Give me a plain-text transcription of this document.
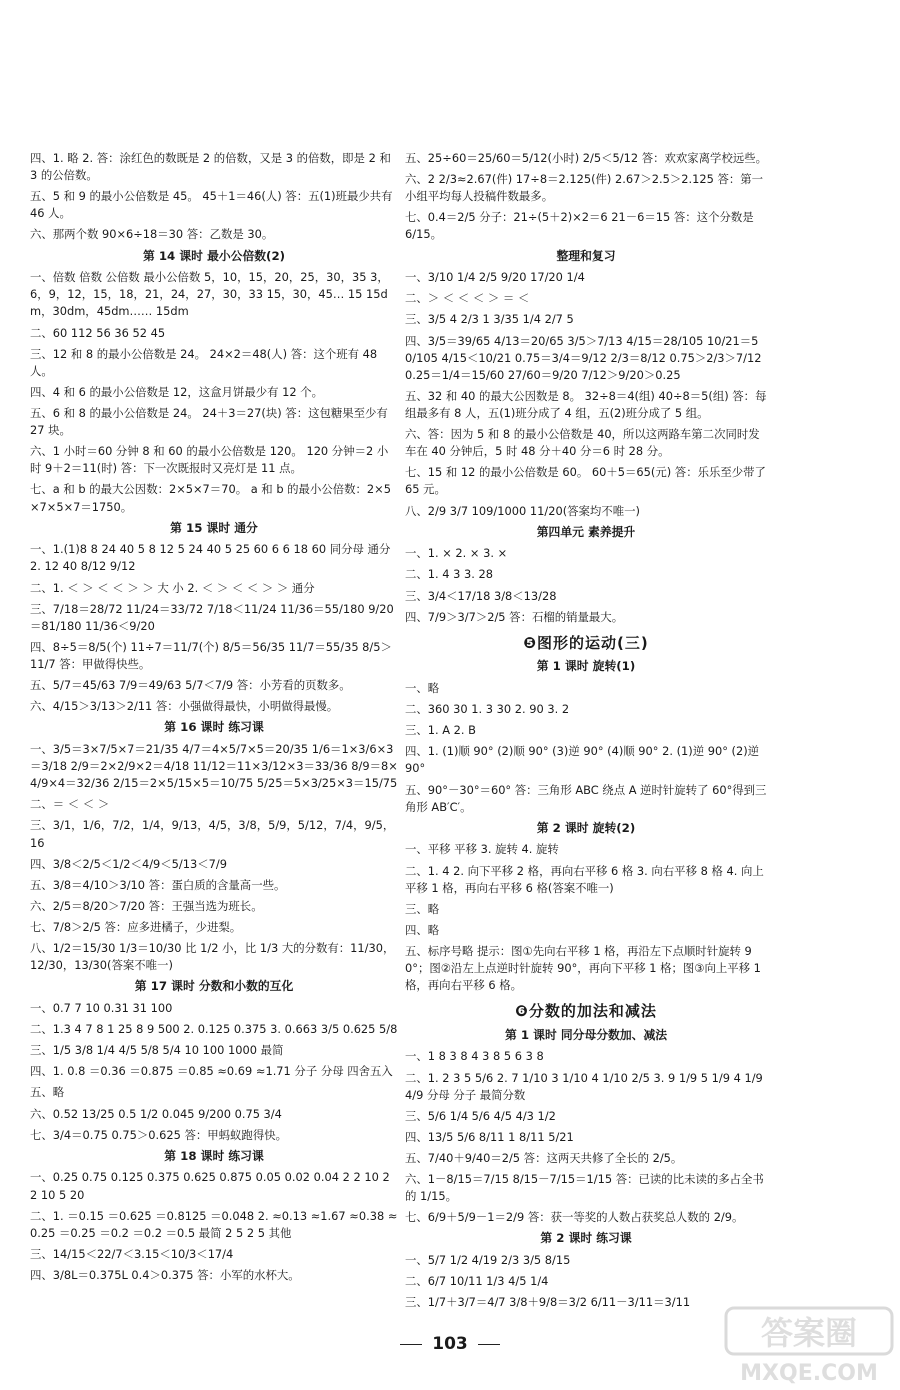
四、1. 略 2. 答：涂红色的数既是 2 的倍数，又是 3 的倍数，即是 2 和 3 的公倍数。
五、5 和 9 的最小公倍数是 45。 45＋1＝46(人) 答：五(1)班最少共有 46 人。
六、那两个数 90×6÷18＝30 答：乙数是 30。
第 14 课时 最小公倍数(2)
一、倍数 倍数 公倍数 最小公倍数 5，10，15，20，25，30，35 3，6，9，12，15，18，21，24，27，30，33 15，30，45… 15 15dm，30dm，45dm…… 15dm
二、60 112 56 36 52 45
三、12 和 8 的最小公倍数是 24。 24×2＝48(人) 答：这个班有 48 人。
四、4 和 6 的最小公倍数是 12，这盒月饼最少有 12 个。
五、6 和 8 的最小公倍数是 24。 24＋3＝27(块) 答：这包糖果至少有 27 块。
六、1 小时＝60 分钟 8 和 60 的最小公倍数是 120。 120 分钟＝2 小时 9＋2＝11(时) 答：下一次既报时又亮灯是 11 点。
七、a 和 b 的最大公因数：2×5×7＝70。 a 和 b 的最小公倍数：2×5×7×5×7＝1750。
第 15 课时 通分
一、1.(1)8 8 24 40 5 8 12 5 24 40 5 25 60 6 6 18 60 同分母 通分 2. 12 40 8/12 9/12
二、1. ＜ ＞ ＜ ＜ ＞ ＞ 大 小 2. ＜ ＞ ＜ ＜ ＞ ＞ 通分
三、7/18＝28/72 11/24＝33/72 7/18＜11/24 11/36＝55/180 9/20＝81/180 11/36＜9/20
四、8÷5＝8/5(个) 11÷7＝11/7(个) 8/5＝56/35 11/7＝55/35 8/5＞11/7 答：甲做得快些。
五、5/7＝45/63 7/9＝49/63 5/7＜7/9 答：小芳看的页数多。
六、4/15＞3/13＞2/11 答：小强做得最快，小明做得最慢。
第 16 课时 练习课
一、3/5＝3×7/5×7＝21/35 4/7＝4×5/7×5＝20/35 1/6＝1×3/6×3＝3/18 2/9＝2×2/9×2＝4/18 11/12＝11×3/12×3＝33/36 8/9＝8×4/9×4＝32/36 2/15＝2×5/15×5＝10/75 5/25＝5×3/25×3＝15/75
二、＝ ＜ ＜ ＞
三、3/1，1/6，7/2，1/4，9/13，4/5，3/8，5/9，5/12，7/4，9/5，16
四、3/8＜2/5＜1/2＜4/9＜5/13＜7/9
五、3/8＝4/10＞3/10 答：蛋白质的含量高一些。
六、2/5＝8/20＞7/20 答：王强当选为班长。
七、7/8＞2/5 答：应多进橘子，少进梨。
八、1/2＝15/30 1/3＝10/30 比 1/2 小，比 1/3 大的分数有：11/30，12/30，13/30(答案不唯一)
第 17 课时 分数和小数的互化
一、0.7 7 10 0.31 31 100
二、1.3 4 7 8 1 25 8 9 500 2. 0.125 0.375 3. 0.663 3/5 0.625 5/8
三、1/5 3/8 1/4 4/5 5/8 5/4 10 100 1000 最简
四、1. 0.8 ＝0.36 ＝0.875 ＝0.85 ≈0.69 ≈1.71 分子 分母 四舍五入
五、略
六、0.52 13/25 0.5 1/2 0.045 9/200 0.75 3/4
七、3/4＝0.75 0.75＞0.625 答：甲蚂蚁跑得快。
第 18 课时 练习课
一、0.25 0.75 0.125 0.375 0.625 0.875 0.05 0.02 0.04 2 2 10 2 2 10 5 20
二、1. ＝0.15 ＝0.625 ＝0.8125 ＝0.048 2. ≈0.13 ≈1.67 ≈0.38 ≈0.25 ＝0.25 ＝0.2 ＝0.2 ＝0.5 最简 2 5 2 5 其他
三、14/15＜22/7＜3.15＜10/3＜17/4
四、3/8L＝0.375L 0.4＞0.375 答：小军的水杯大。
五、25÷60＝25/60＝5/12(小时) 2/5＜5/12 答：欢欢家离学校远些。
六、2 2/3≈2.67(件) 17÷8＝2.125(件) 2.67＞2.5＞2.125 答：第一小组平均每人投稿件数最多。
七、0.4＝2/5 分子：21÷(5＋2)×2＝6 21－6＝15 答：这个分数是 6/15。
整理和复习
一、3/10 1/4 2/5 9/20 17/20 1/4
二、＞ ＜ ＜ ＜ ＞ ＝ ＜
三、3/5 4 2/3 1 3/35 1/4 2/7 5
四、3/5＝39/65 4/13＝20/65 3/5＞7/13 4/15＝28/105 10/21＝50/105 4/15＜10/21 0.75＝3/4＝9/12 2/3＝8/12 0.75＞2/3＞7/12 0.25＝1/4＝15/60 27/60＝9/20 7/12＞9/20＞0.25
五、32 和 40 的最大公因数是 8。 32÷8＝4(组) 40÷8＝5(组) 答：每组最多有 8 人，五(1)班分成了 4 组，五(2)班分成了 5 组。
六、答：因为 5 和 8 的最小公倍数是 40，所以这两路车第二次同时发车在 40 分钟后，5 时 48 分＋40 分＝6 时 28 分。
七、15 和 12 的最小公倍数是 60。 60＋5＝65(元) 答：乐乐至少带了 65 元。
八、2/9 3/7 109/1000 11/20(答案均不唯一)
第四单元 素养提升
一、1. × 2. × 3. ×
二、1. 4 3 3. 28
三、3/4＜17/18 3/8＜13/28
四、7/9＞3/7＞2/5 答：石榴的销量最大。
❺图形的运动(三)
第 1 课时 旋转(1)
一、略
二、360 30 1. 3 30 2. 90 3. 2
三、1. A 2. B
四、1. (1)顺 90° (2)顺 90° (3)逆 90° (4)顺 90° 2. (1)逆 90° (2)逆 90°
五、90°－30°＝60° 答：三角形 ABC 绕点 A 逆时针旋转了 60°得到三角形 AB′C′。
第 2 课时 旋转(2)
一、平移 平移 3. 旋转 4. 旋转
二、1. 4 2. 向下平移 2 格，再向右平移 6 格 3. 向右平移 8 格 4. 向上平移 1 格，再向右平移 6 格(答案不唯一)
三、略
四、略
五、标序号略 提示：图①先向右平移 1 格，再沿左下点顺时针旋转 90°；图②沿左上点逆时针旋转 90°，再向下平移 1 格；图③向上平移 1 格，再向右平移 6 格。
❻分数的加法和减法
第 1 课时 同分母分数加、减法
一、1 8 3 8 4 3 8 5 6 3 8
二、1. 2 3 5 5/6 2. 7 1/10 3 1/10 4 1/10 2/5 3. 9 1/9 5 1/9 4 1/9 4/9 分母 分子 最简分数
三、5/6 1/4 5/6 4/5 4/3 1/2
四、13/5 5/6 8/11 1 8/11 5/21
五、7/40＋9/40＝2/5 答：这两天共修了全长的 2/5。
六、1－8/15＝7/15 8/15－7/15＝1/15 答：已读的比未读的多占全书的 1/15。
七、6/9＋5/9－1＝2/9 答：获一等奖的人数占获奖总人数的 2/9。
第 2 课时 练习课
一、5/7 1/2 4/19 2/3 3/5 8/15
二、6/7 10/11 1/3 4/5 1/4
三、1/7＋3/7＝4/7 3/8＋9/8＝3/2 6/11－3/11＝3/11
103	答案圈
MXQE.COM
